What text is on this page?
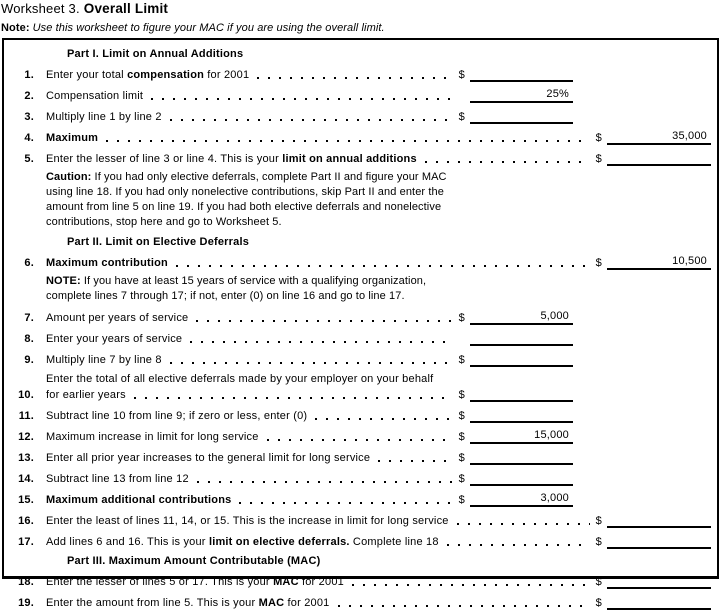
Worksheet 3. Overall Limit
Note: Use this worksheet to figure your MAC if you are using the overall limit.
Part I. Limit on Annual Additions
1.	Enter your total compensation for 2001	$

2.	Compensation limit	25%
3.	Multiply line 1 by line 2	$

4.	Maximum	$	35,000
5.	Enter the lesser of line 3 or line 4. This is your limit on annual additions	$

Caution: If you had only elective deferrals, complete Part II and figure your MAC
using line 18. If you had only nonelective contributions, skip Part II and enter the
amount from line 5 on line 19. If you had both elective deferrals and nonelective
contributions, stop here and go to Worksheet 5.
Part II. Limit on Elective Deferrals
6.	Maximum contribution	$	10,500
NOTE: If you have at least 15 years of service with a qualifying organization,
complete lines 7 through 17; if not, enter (0) on line 16 and go to line 17.
7.	Amount per years of service	$	5,000
8.	Enter your years of service

9.	Multiply line 7 by line 8	$

10.
Enter the total of all elective deferrals made by your employer on your behalf
for earlier years	$

11.	Subtract line 10 from line 9; if zero or less, enter (0)	$

12.	Maximum increase in limit for long service	$	15,000
13.	Enter all prior year increases to the general limit for long service	$

14.	Subtract line 13 from line 12	$

15.	Maximum additional contributions	$	3,000
16.	Enter the least of lines 11, 14, or 15. This is the increase in limit for long service	$

17.	Add lines 6 and 16. This is your limit on elective deferrals. Complete line 18	$

Part III. Maximum Amount Contributable (MAC)
18.	Enter the lesser of lines 5 or 17. This is your MAC for 2001	$

19.	Enter the amount from line 5. This is your MAC for 2001	$
